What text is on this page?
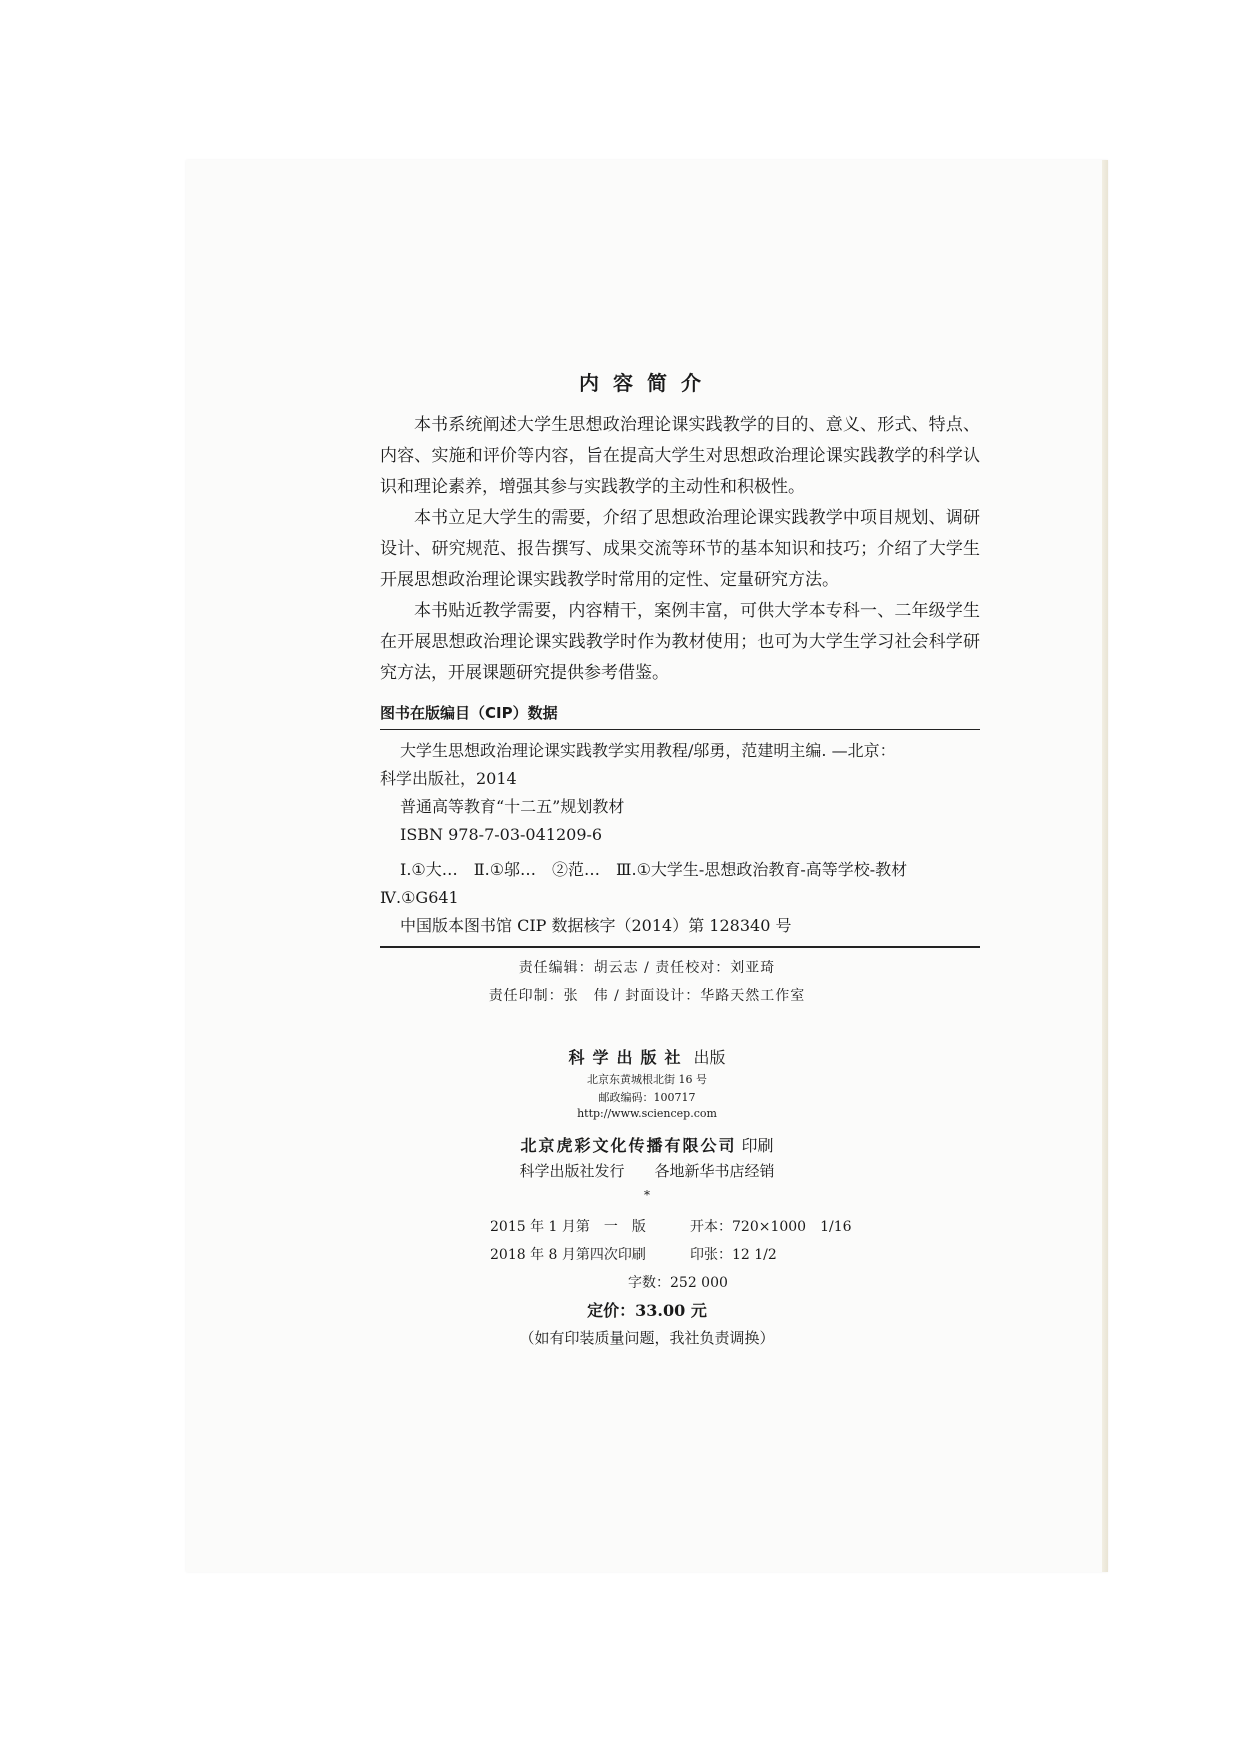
内容简介

本书系统阐述大学生思想政治理论课实践教学的目的、意义、形式、特点、内容、实施和评价等内容，旨在提高大学生对思想政治理论课实践教学的科学认识和理论素养，增强其参与实践教学的主动性和积极性。

本书立足大学生的需要，介绍了思想政治理论课实践教学中项目规划、调研设计、研究规范、报告撰写、成果交流等环节的基本知识和技巧；介绍了大学生开展思想政治理论课实践教学时常用的定性、定量研究方法。

本书贴近教学需要，内容精干，案例丰富，可供大学本专科一、二年级学生在开展思想政治理论课实践教学时作为教材使用；也可为大学生学习社会科学研究方法，开展课题研究提供参考借鉴。

图书在版编目（CIP）数据
大学生思想政治理论课实践教学实用教程/邬勇，范建明主编. —北京：
科学出版社，2014
普通高等教育“十二五”规划教材
ISBN 978-7-03-041209-6

Ⅰ.①大…　Ⅱ.①邬…　②范…　Ⅲ.①大学生-思想政治教育-高等学校-教材　Ⅳ.①G641

中国版本图书馆 CIP 数据核字（2014）第 128340 号
责任编辑：胡云志 / 责任校对：刘亚琦
责任印制：张　伟 / 封面设计：华路天然工作室
科学出版社 出版
北京东黄城根北街 16 号
邮政编码：100717
http://www.sciencep.com
北京虎彩文化传播有限公司 印刷
科学出版社发行　　各地新华书店经销
*
2015 年 1 月第　一　版	开本：720×1000　1/16
2018 年 8 月第四次印刷	印张：12 1/2
字数：252 000
定价：33.00 元
（如有印装质量问题，我社负责调换）
